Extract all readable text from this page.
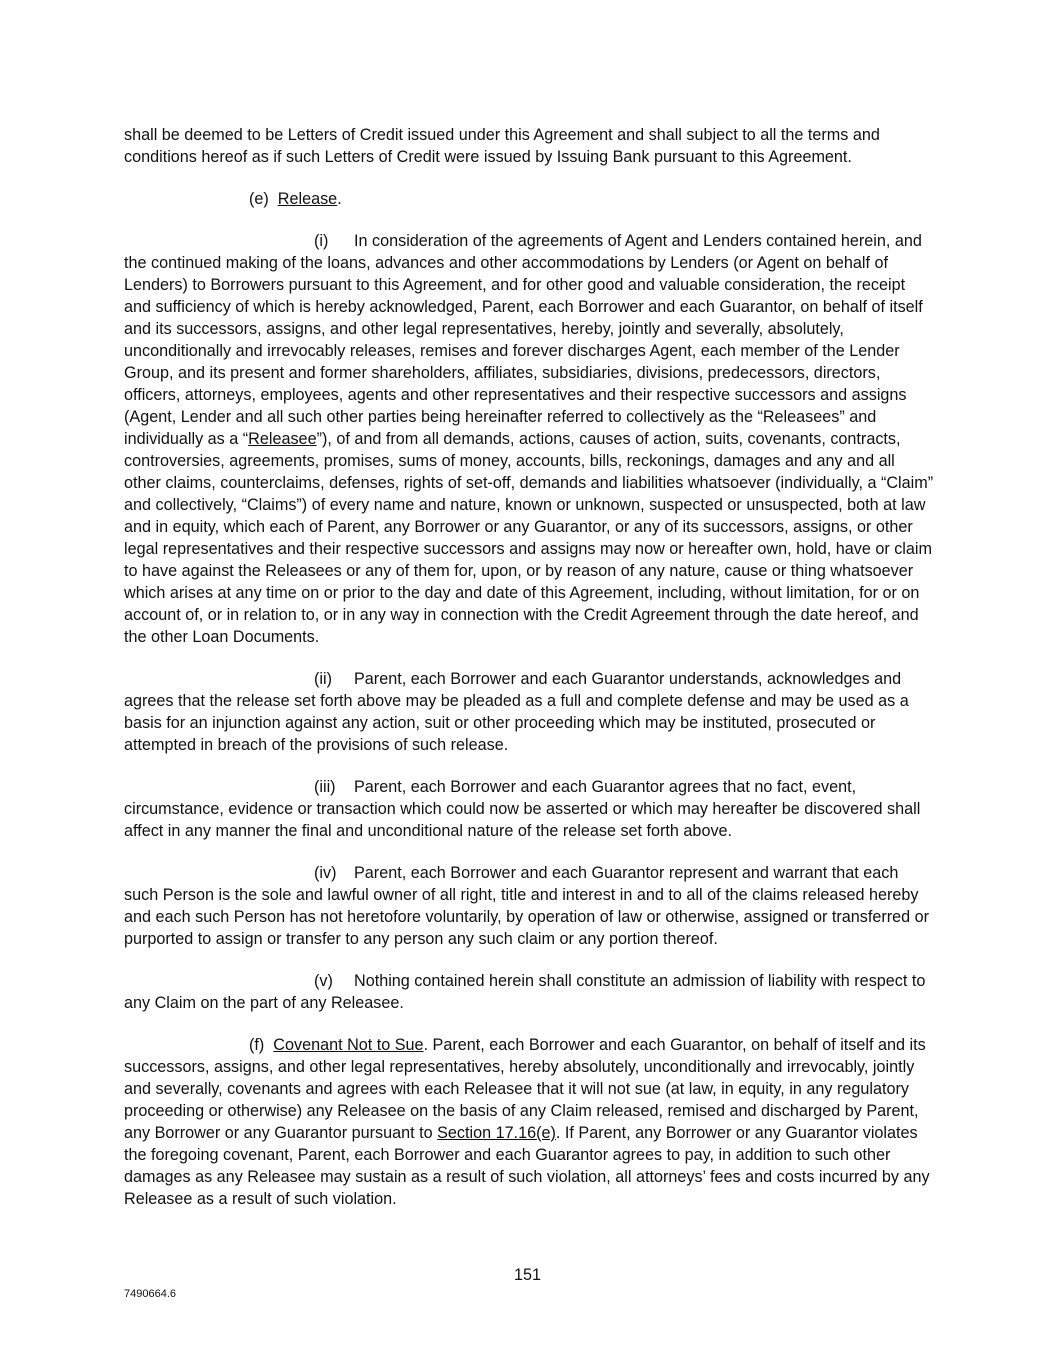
shall be deemed to be Letters of Credit issued under this Agreement and shall subject to all the terms and conditions hereof as if such Letters of Credit were issued by Issuing Bank pursuant to this Agreement.

(e) Release.

(i) In consideration of the agreements of Agent and Lenders contained herein, and the continued making of the loans, advances and other accommodations by Lenders (or Agent on behalf of Lenders) to Borrowers pursuant to this Agreement, and for other good and valuable consideration, the receipt and sufficiency of which is hereby acknowledged, Parent, each Borrower and each Guarantor, on behalf of itself and its successors, assigns, and other legal representatives, hereby, jointly and severally, absolutely, unconditionally and irrevocably releases, remises and forever discharges Agent, each member of the Lender Group, and its present and former shareholders, affiliates, subsidiaries, divisions, predecessors, directors, officers, attorneys, employees, agents and other representatives and their respective successors and assigns (Agent, Lender and all such other parties being hereinafter referred to collectively as the “Releasees” and individually as a “Releasee”), of and from all demands, actions, causes of action, suits, covenants, contracts, controversies, agreements, promises, sums of money, accounts, bills, reckonings, damages and any and all other claims, counterclaims, defenses, rights of set-off, demands and liabilities whatsoever (individually, a “Claim” and collectively, “Claims”) of every name and nature, known or unknown, suspected or unsuspected, both at law and in equity, which each of Parent, any Borrower or any Guarantor, or any of its successors, assigns, or other legal representatives and their respective successors and assigns may now or hereafter own, hold, have or claim to have against the Releasees or any of them for, upon, or by reason of any nature, cause or thing whatsoever which arises at any time on or prior to the day and date of this Agreement, including, without limitation, for or on account of, or in relation to, or in any way in connection with the Credit Agreement through the date hereof, and the other Loan Documents.

(ii) Parent, each Borrower and each Guarantor understands, acknowledges and agrees that the release set forth above may be pleaded as a full and complete defense and may be used as a basis for an injunction against any action, suit or other proceeding which may be instituted, prosecuted or attempted in breach of the provisions of such release.

(iii) Parent, each Borrower and each Guarantor agrees that no fact, event, circumstance, evidence or transaction which could now be asserted or which may hereafter be discovered shall affect in any manner the final and unconditional nature of the release set forth above.

(iv) Parent, each Borrower and each Guarantor represent and warrant that each such Person is the sole and lawful owner of all right, title and interest in and to all of the claims released hereby and each such Person has not heretofore voluntarily, by operation of law or otherwise, assigned or transferred or purported to assign or transfer to any person any such claim or any portion thereof.

(v) Nothing contained herein shall constitute an admission of liability with respect to any Claim on the part of any Releasee.

(f) Covenant Not to Sue. Parent, each Borrower and each Guarantor, on behalf of itself and its successors, assigns, and other legal representatives, hereby absolutely, unconditionally and irrevocably, jointly and severally, covenants and agrees with each Releasee that it will not sue (at law, in equity, in any regulatory proceeding or otherwise) any Releasee on the basis of any Claim released, remised and discharged by Parent, any Borrower or any Guarantor pursuant to Section 17.16(e). If Parent, any Borrower or any Guarantor violates the foregoing covenant, Parent, each Borrower and each Guarantor agrees to pay, in addition to such other damages as any Releasee may sustain as a result of such violation, all attorneys’ fees and costs incurred by any Releasee as a result of such violation.

151
7490664.6
